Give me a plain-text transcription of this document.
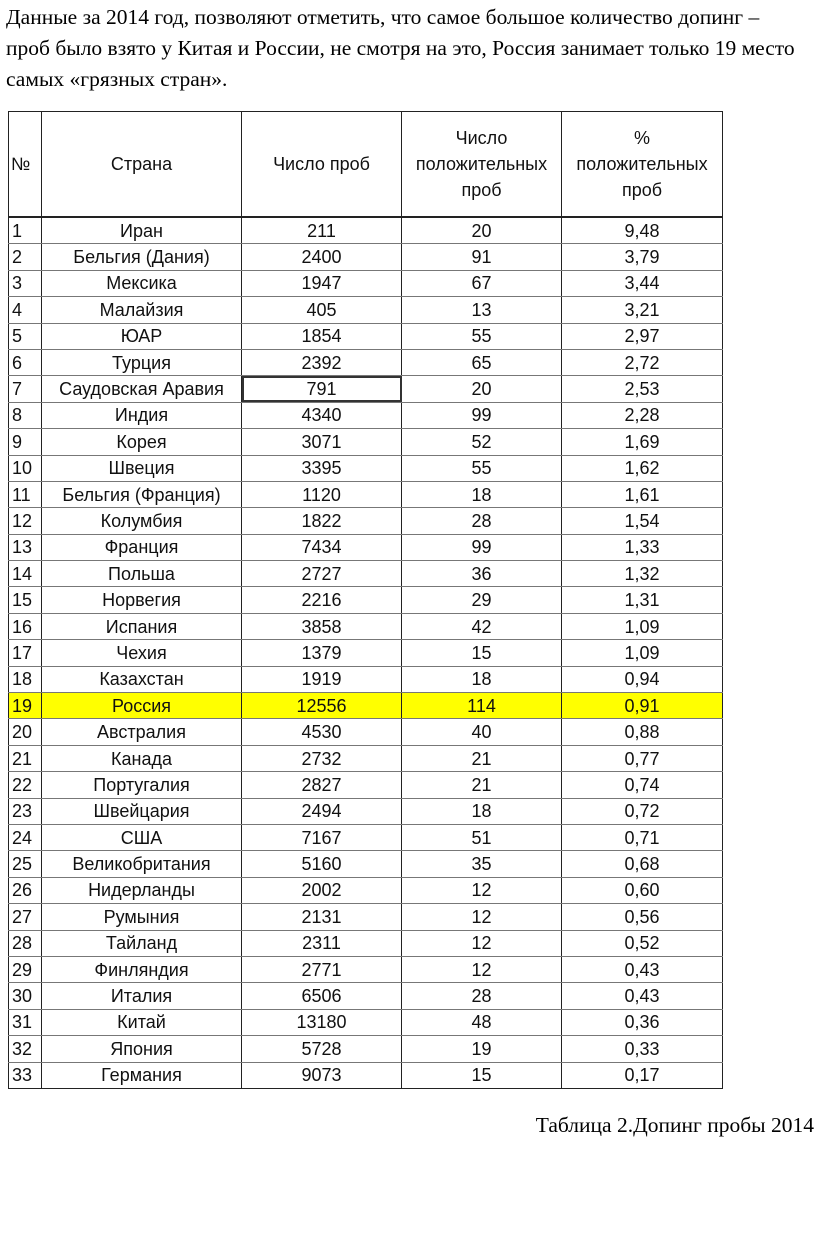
Данные за 2014 год, позволяют отметить, что самое большое количество допинг – проб было взято у Китая и России, не смотря на это, Россия занимает только 19 место самых «грязных стран».

№	Страна	Число проб	Число положительных проб	% положительных проб
1	Иран	211	20	9,48
2	Бельгия (Дания)	2400	91	3,79
3	Мексика	1947	67	3,44
4	Малайзия	405	13	3,21
5	ЮАР	1854	55	2,97
6	Турция	2392	65	2,72
7	Саудовская Аравия	791	20	2,53
8	Индия	4340	99	2,28
9	Корея	3071	52	1,69
10	Швеция	3395	55	1,62
11	Бельгия (Франция)	1120	18	1,61
12	Колумбия	1822	28	1,54
13	Франция	7434	99	1,33
14	Польша	2727	36	1,32
15	Норвегия	2216	29	1,31
16	Испания	3858	42	1,09
17	Чехия	1379	15	1,09
18	Казахстан	1919	18	0,94
19	Россия	12556	114	0,91
20	Австралия	4530	40	0,88
21	Канада	2732	21	0,77
22	Португалия	2827	21	0,74
23	Швейцария	2494	18	0,72
24	США	7167	51	0,71
25	Великобритания	5160	35	0,68
26	Нидерланды	2002	12	0,60
27	Румыния	2131	12	0,56
28	Тайланд	2311	12	0,52
29	Финляндия	2771	12	0,43
30	Италия	6506	28	0,43
31	Китай	13180	48	0,36
32	Япония	5728	19	0,33
33	Германия	9073	15	0,17

Таблица 2.Допинг пробы 2014
